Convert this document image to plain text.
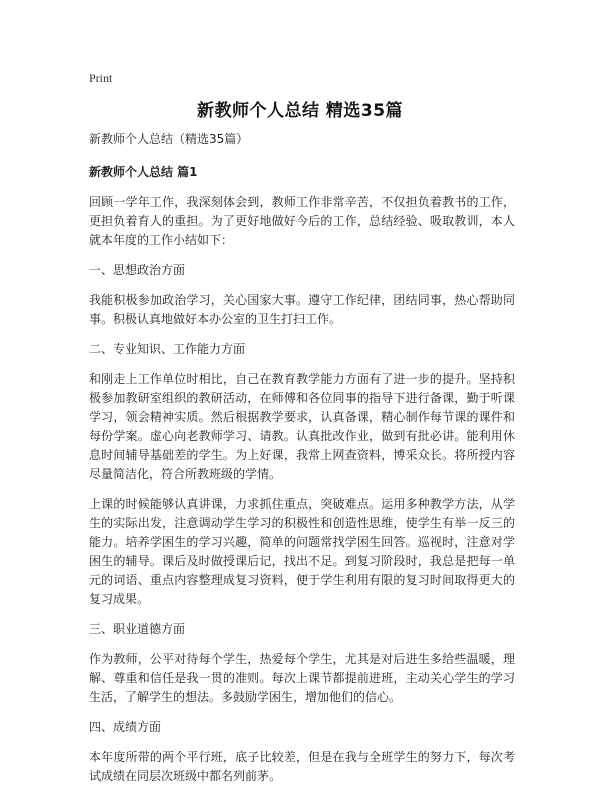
Print
新教师个人总结 精选35篇

新教师个人总结（精选35篇）

新教师个人总结 篇1

回顾一学年工作，我深刻体会到，教师工作非常辛苦，不仅担负着教书的工作，更担负着育人的重担。为了更好地做好今后的工作，总结经验、吸取教训，本人就本年度的工作小结如下：

一、思想政治方面

我能积极参加政治学习，关心国家大事。遵守工作纪律，团结同事，热心帮助同事。积极认真地做好本办公室的卫生打扫工作。

二、专业知识、工作能力方面

和刚走上工作单位时相比，自己在教育教学能力方面有了进一步的提升。坚持积极参加教研室组织的教研活动，在师傅和各位同事的指导下进行备课，勤于听课学习，领会精神实质。然后根据教学要求，认真备课，精心制作每节课的课件和每份学案。虚心向老教师学习、请教。认真批改作业，做到有批必讲。能利用休息时间辅导基础差的学生。为上好课，我常上网查资料，博采众长。将所授内容尽量简洁化，符合所教班级的学情。

上课的时候能够认真讲课，力求抓住重点，突破难点。运用多种教学方法，从学生的实际出发，注意调动学生学习的积极性和创造性思维，使学生有举一反三的能力。培养学困生的学习兴趣，简单的问题常找学困生回答。巡视时，注意对学困生的辅导。课后及时做授课后记，找出不足。到复习阶段时，我总是把每一单元的词语、重点内容整理成复习资料，便于学生利用有限的复习时间取得更大的复习成果。

三、职业道德方面

作为教师，公平对待每个学生，热爱每个学生，尤其是对后进生多给些温暖，理解、尊重和信任是我一贯的准则。每次上课节都提前进班，主动关心学生的学习生活，了解学生的想法。多鼓励学困生，增加他们的信心。

四、成绩方面

本年度所带的两个平行班，底子比较差，但是在我与全班学生的努力下，每次考试成绩在同层次班级中都名列前茅。
